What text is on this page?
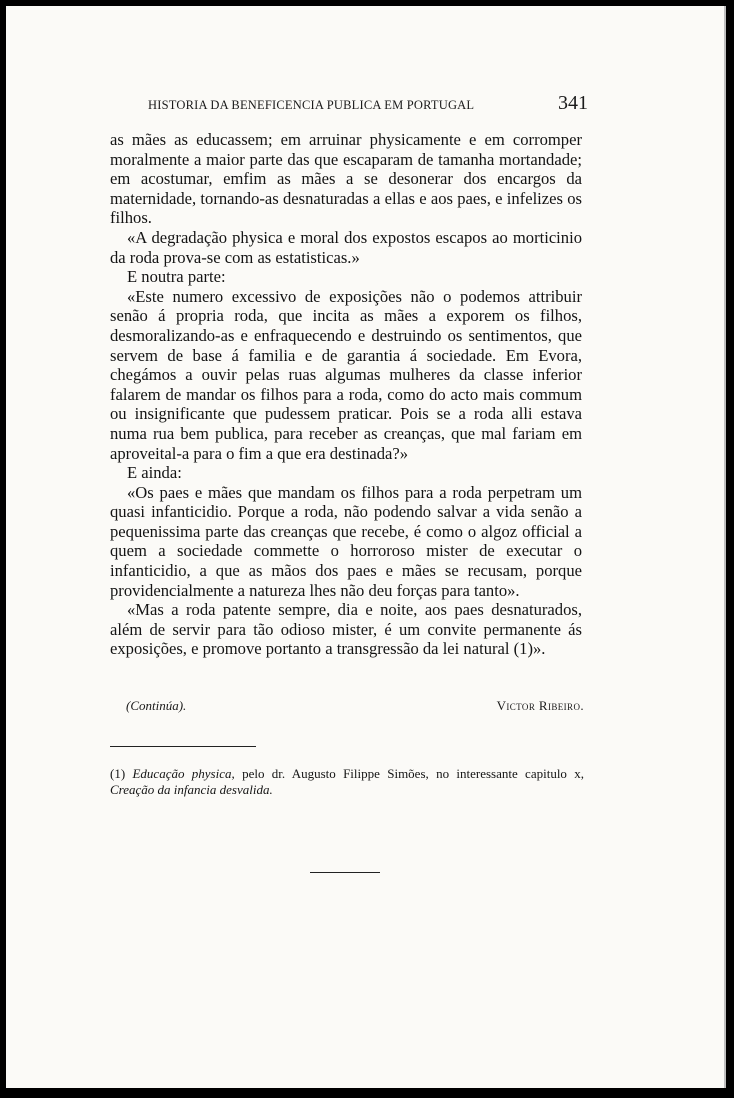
HISTORIA DA BENEFICENCIA PUBLICA EM PORTUGAL	341

as mães as educassem; em arruinar physicamente e em corromper moralmente a maior parte das que escaparam de tamanha mortandade; em acostumar, emfim as mães a se desonerar dos encargos da maternidade, tornando-as desnaturadas a ellas e aos paes, e infelizes os filhos.

«A degradação physica e moral dos expostos escapos ao morticinio da roda prova-se com as estatisticas.»

E noutra parte:

«Este numero excessivo de exposições não o podemos attribuir senão á propria roda, que incita as mães a exporem os filhos, desmoralizando-as e enfraquecendo e destruindo os sentimentos, que servem de base á familia e de garantia á sociedade. Em Evora, chegámos a ouvir pelas ruas algumas mulheres da classe inferior falarem de mandar os filhos para a roda, como do acto mais commum ou insignificante que pudessem praticar. Pois se a roda alli estava numa rua bem publica, para receber as creanças, que mal fariam em aproveital-a para o fim a que era destinada?»

E ainda:

«Os paes e mães que mandam os filhos para a roda perpetram um quasi infanticidio. Porque a roda, não podendo salvar a vida senão a pequenissima parte das creanças que recebe, é como o algoz official a quem a sociedade commette o horroroso mister de executar o infanticidio, a que as mãos dos paes e mães se recusam, porque providencialmente a natureza lhes não deu forças para tanto».

«Mas a roda patente sempre, dia e noite, aos paes desnaturados, além de servir para tão odioso mister, é um convite permanente ás exposições, e promove portanto a transgressão da lei natural (1)».

(Continúa).	Victor Ribeiro.

(1) Educação physica, pelo dr. Augusto Filippe Simões, no interessante capitulo x, Creação da infancia desvalida.
